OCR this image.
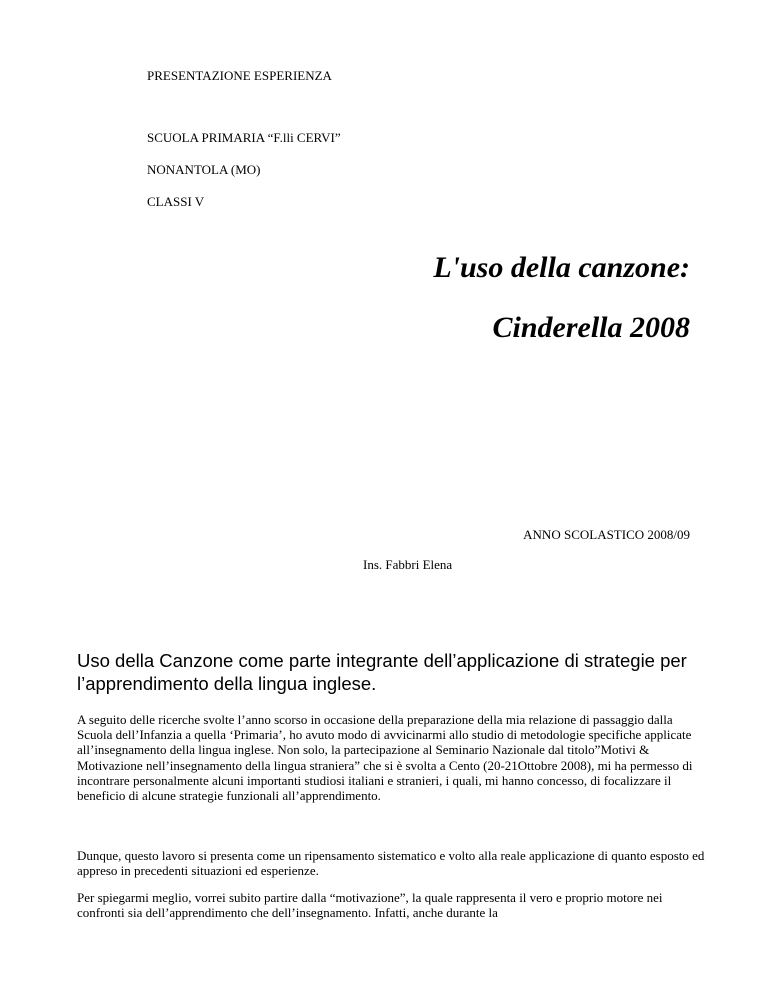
PRESENTAZIONE ESPERIENZA
SCUOLA PRIMARIA “F.lli CERVI”
NONANTOLA (MO)
CLASSI V
L'uso della canzone:
Cinderella 2008
ANNO SCOLASTICO 2008/09
Ins. Fabbri Elena
Uso della Canzone come parte integrante dell’applicazione di strategie per l’apprendimento della lingua inglese.

A seguito delle ricerche svolte l’anno scorso in occasione della preparazione della mia relazione di passaggio dalla Scuola dell’Infanzia a quella ‘Primaria’, ho avuto modo di avvicinarmi allo studio di metodologie specifiche applicate all’insegnamento della lingua inglese. Non solo, la partecipazione al Seminario Nazionale dal titolo”Motivi & Motivazione nell’insegnamento della lingua straniera” che si è svolta a Cento (20-21Ottobre 2008), mi ha permesso di incontrare personalmente alcuni importanti studiosi italiani e stranieri, i quali, mi hanno concesso, di focalizzare il beneficio di alcune strategie funzionali all’apprendimento.

Dunque, questo lavoro si presenta come un ripensamento sistematico e volto alla reale applicazione di quanto esposto ed appreso in precedenti situazioni ed esperienze.

Per spiegarmi meglio, vorrei subito partire dalla “motivazione”, la quale rappresenta il vero e proprio motore nei confronti sia dell’apprendimento che dell’insegnamento. Infatti, anche durante la
